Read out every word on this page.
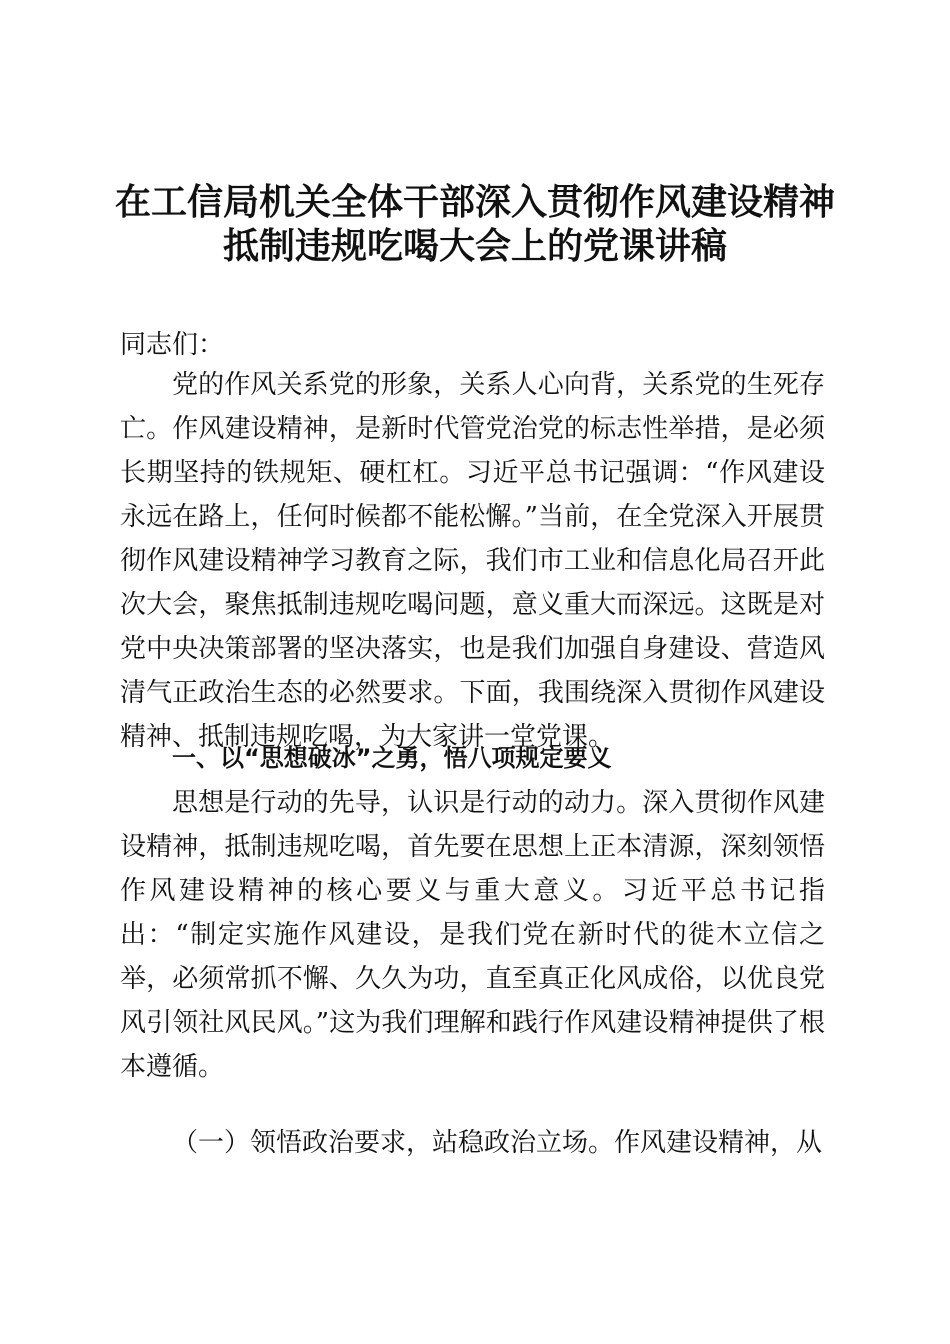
在工信局机关全体干部深入贯彻作风建设精神
抵制违规吃喝大会上的党课讲稿

同志们：

党的作风关系党的形象，关系人心向背，关系党的生死存亡。作风建设精神，是新时代管党治党的标志性举措，是必须长期坚持的铁规矩、硬杠杠。习近平总书记强调：“作风建设永远在路上，任何时候都不能松懈。”当前，在全党深入开展贯彻作风建设精神学习教育之际，我们市工业和信息化局召开此次大会，聚焦抵制违规吃喝问题，意义重大而深远。这既是对党中央决策部署的坚决落实，也是我们加强自身建设、营造风清气正政治生态的必然要求。下面，我围绕深入贯彻作风建设精神、抵制违规吃喝，为大家讲一堂党课。

一、以“思想破冰”之勇，悟八项规定要义

思想是行动的先导，认识是行动的动力。深入贯彻作风建设精神，抵制违规吃喝，首先要在思想上正本清源，深刻领悟作风建设精神的核心要义与重大意义。习近平总书记指出：“制定实施作风建设，是我们党在新时代的徙木立信之举，必须常抓不懈、久久为功，直至真正化风成俗，以优良党风引领社风民风。”这为我们理解和践行作风建设精神提供了根本遵循。

（一）领悟政治要求，站稳政治立场。作风建设精神，从
